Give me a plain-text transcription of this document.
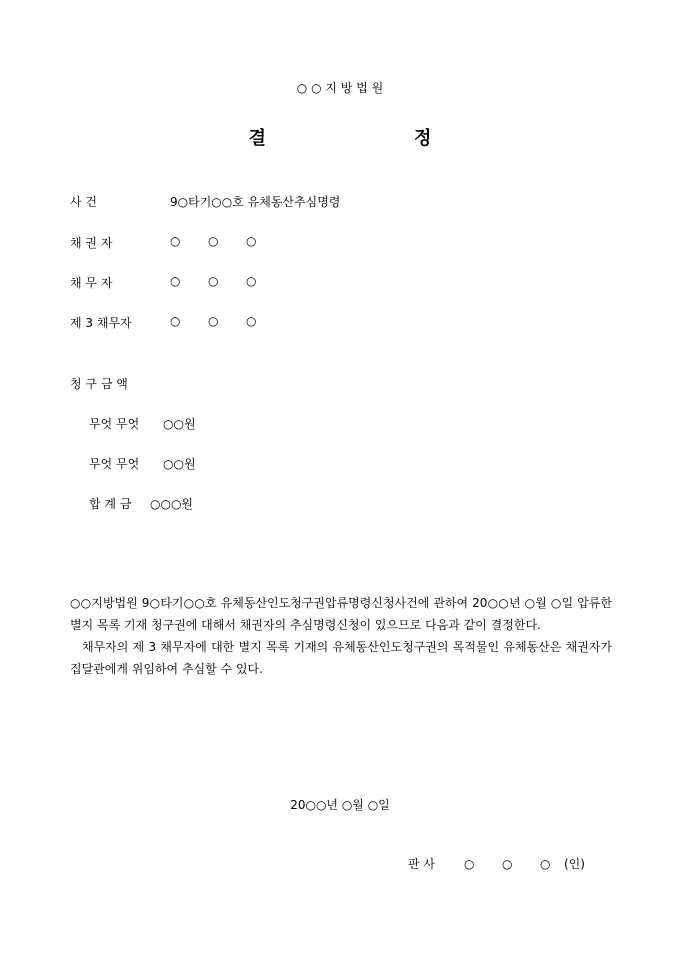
○ ○ 지 방 법 원
결	정
사 건	9○타기○○호 유체동산추심명령
채 권 자	○ ○ ○
채 무 자	○ ○ ○
제 3 채무자	○ ○ ○
청 구 금 액
무엇 무엇 ○○원
무엇 무엇 ○○원
합 계 금 ○○○원

○○지방법원 9○타기○○호 유체동산인도청구권압류명령신청사건에 관하여 20○○년 ○월 ○일 압류한 별지 목록 기재 청구권에 대해서 채권자의 추심명령신청이 있으므로 다음과 같이 결정한다.

채무자의 제 3 채무자에 대한 별지 목록 기재의 유체동산인도청구권의 목적물인 유체동산은 채권자가 집달관에게 위임하여 추심할 수 있다.

20○○년 ○월 ○일
판 사 ○ ○ ○ (인)
